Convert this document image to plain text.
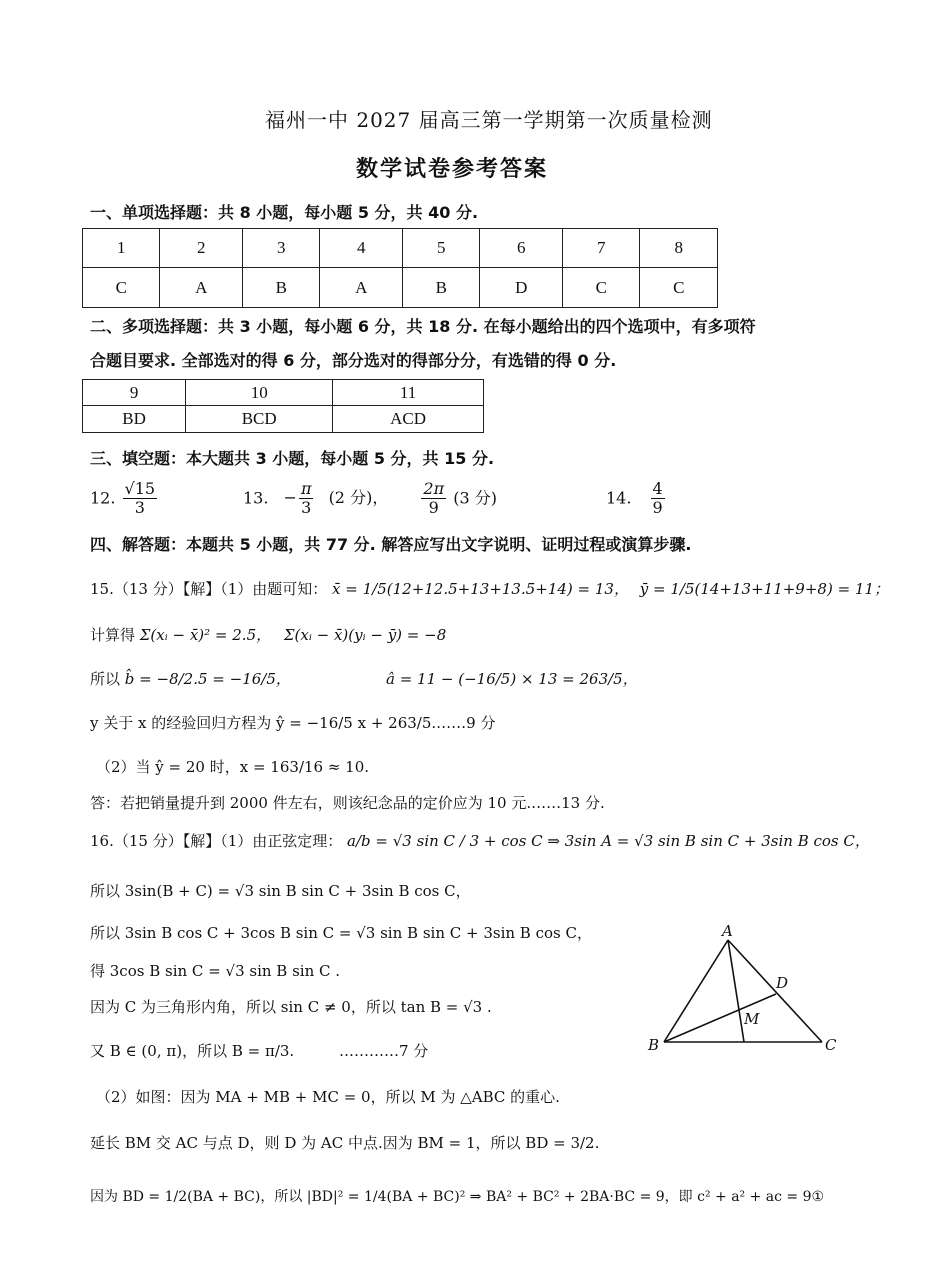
福州一中 2027 届高三第一学期第一次质量检测
数学试卷参考答案
一、单项选择题：共 8 小题，每小题 5 分，共 40 分.
1	2	3	4	5	6	7	8
C	A	B	A	B	D	C	C
二、多项选择题：共 3 小题，每小题 6 分，共 18 分. 在每小题给出的四个选项中，有多项符
合题目要求. 全部选对的得 6 分，部分选对的得部分分，有选错的得 0 分.
9	10	11
BD	BCD	ACD
三、填空题：本大题共 3 小题，每小题 5 分，共 15 分.
12. $\frac{√15}{3}$	13. − $\frac{\pi}{3} (2$ 分)， $\frac{2\pi}{9} (3$ 分)	14. $\frac{4}{9}$
四、解答题：本题共 5 小题，共 77 分. 解答应写出文字说明、证明过程或演算步骤.
15.（13 分）【解】（1）由题可知： x̄ = 1/5(12+12.5+13+13.5+14) = 13， ȳ = 1/5(14+13+11+9+8) = 11；
计算得 Σ(xᵢ − x̄)² = 2.5， Σ(xᵢ − x̄)(yᵢ − ȳ) = −8
所以 b̂ = −8/2.5 = −16/5，	â = 11 − (−16/5) × 13 = 263/5，
y 关于 x 的经验回归方程为 ŷ = −16/5 x + 263/5.……9 分
（2）当 ŷ = 20 时，x = 163/16 ≈ 10.
答：若把销量提升到 2000 件左右，则该纪念品的定价应为 10 元.……13 分.
16.（15 分）【解】（1）由正弦定理： a/b = √3 sin C / 3 + cos C ⇒ 3sin A = √3 sin B sin C + 3sin B cos C，
所以 3sin(B + C) = √3 sin B sin C + 3sin B cos C，
所以 3sin B cos C + 3cos B sin C = √3 sin B sin C + 3sin B cos C，
得 3cos B sin C = √3 sin B sin C .
因为 C 为三角形内角，所以 sin C ≠ 0，所以 tan B = √3 .
又 B ∈ (0, π)，所以 B = π/3.	…………7 分
（2）如图：因为 MA + MB + MC = 0，所以 M 为 △ABC 的重心.
延长 BM 交 AC 与点 D，则 D 为 AC 中点.因为 BM = 1，所以 BD = 3/2.
因为 BD = 1/2(BA + BC)，所以 |BD|² = 1/4(BA + BC)² ⇒ BA² + BC² + 2BA·BC = 9，即 c² + a² + ac = 9①
A
B	C
D
M
